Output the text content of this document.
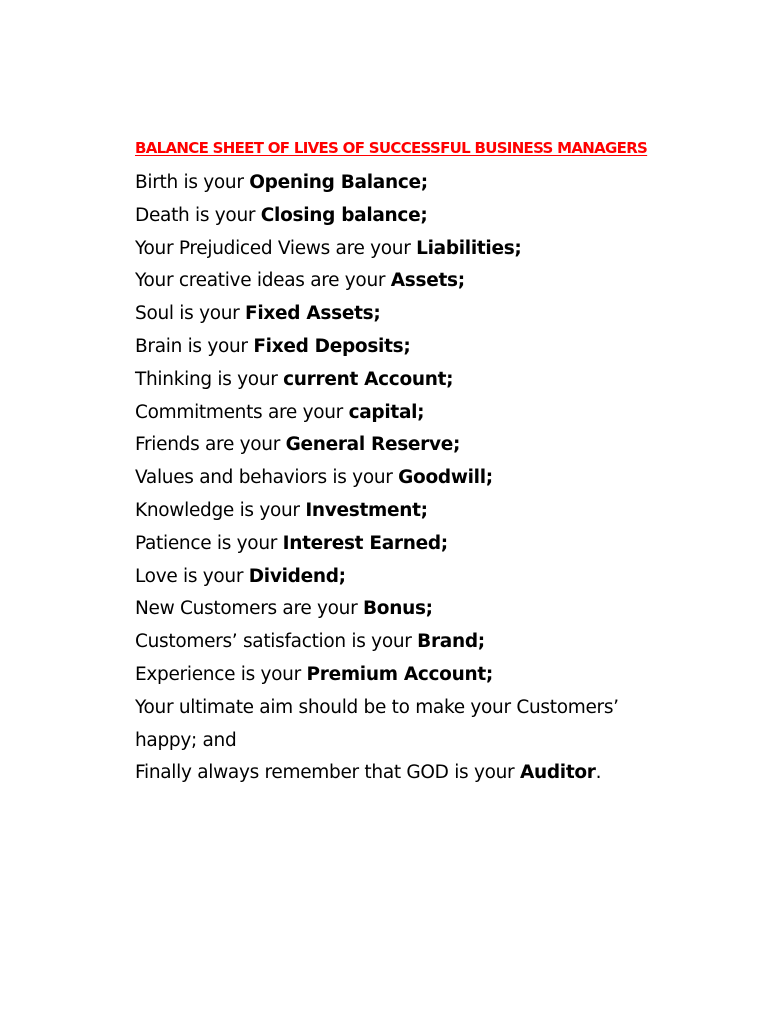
BALANCE SHEET OF LIVES OF SUCCESSFUL BUSINESS MANAGERS
Birth is your Opening Balance;
Death is your Closing balance;
Your Prejudiced Views are your Liabilities;
Your creative ideas are your Assets;
Soul is your Fixed Assets;
Brain is your Fixed Deposits;
Thinking is your current Account;
Commitments are your capital;
Friends are your General Reserve;
Values and behaviors is your Goodwill;
Knowledge is your Investment;
Patience is your Interest Earned;
Love is your Dividend;
New Customers are your Bonus;
Customers’ satisfaction is your Brand;
Experience is your Premium Account;
Your ultimate aim should be to make your Customers’ happy; and
Finally always remember that GOD is your Auditor.
